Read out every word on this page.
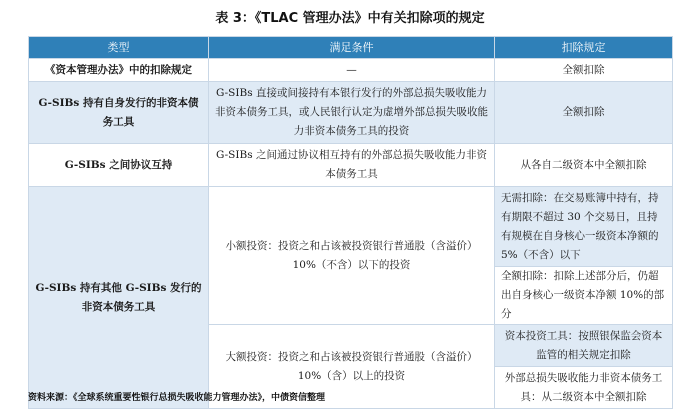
表 3：《TLAC 管理办法》中有关扣除项的规定
类型	满足条件	扣除规定
《资本管理办法》中的扣除规定	—	全额扣除
G-SIBs 持有自身发行的非资本债务工具	G-SIBs 直接或间接持有本银行发行的外部总损失吸收能力非资本债务工具，或人民银行认定为虚增外部总损失吸收能力非资本债务工具的投资	全额扣除
G-SIBs 之间协议互持	G-SIBs 之间通过协议相互持有的外部总损失吸收能力非资本债务工具	从各自二级资本中全额扣除
G-SIBs 持有其他 G-SIBs 发行的非资本债务工具	小额投资：投资之和占该被投资银行普通股（含溢价）10%（不含）以下的投资	无需扣除：在交易账簿中持有，持有期限不超过 30 个交易日，且持有规模在自身核心一级资本净额的 5%（不含）以下
		全额扣除：扣除上述部分后，仍超出自身核心一级资本净额 10%的部分
	大额投资：投资之和占该被投资银行普通股（含溢价）10%（含）以上的投资	资本投资工具：按照银保监会资本监管的相关规定扣除
		外部总损失吸收能力非资本债务工具：从二级资本中全额扣除
资料来源：《全球系统重要性银行总损失吸收能力管理办法》，中债资信整理
